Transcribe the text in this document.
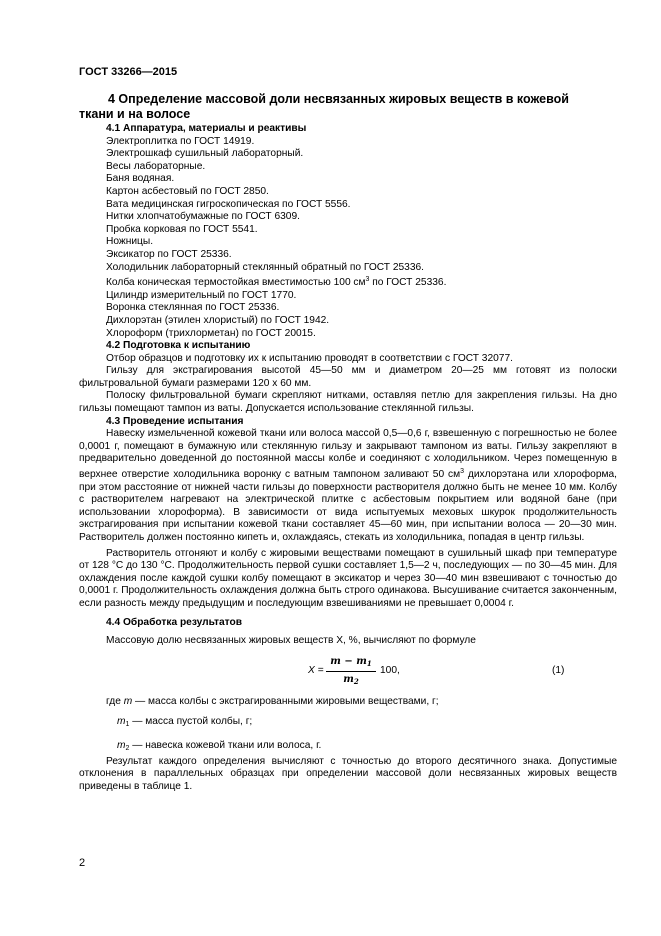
ГОСТ 33266—2015
4 Определение массовой доли несвязанных жировых веществ в кожевой
ткани и на волосе

4.1 Аппаратура, материалы и реактивы

Электроплитка по ГОСТ 14919.

Электрошкаф сушильный лабораторный.

Весы лабораторные.

Баня водяная.

Картон асбестовый по ГОСТ 2850.

Вата медицинская гигроскопическая по ГОСТ 5556.

Нитки хлопчатобумажные по ГОСТ 6309.

Пробка корковая по ГОСТ 5541.

Ножницы.

Эксикатор по ГОСТ 25336.

Холодильник лабораторный стеклянный обратный по ГОСТ 25336.

Колба коническая термостойкая вместимостью 100 $см^3$ по ГОСТ 25336.

Цилиндр измерительный по ГОСТ 1770.

Воронка стеклянная по ГОСТ 25336.

Дихлорэтан (этилен хлористый) по ГОСТ 1942.

Хлороформ (трихлорметан) по ГОСТ 20015.

4.2 Подготовка к испытанию

Отбор образцов и подготовку их к испытанию проводят в соответствии с ГОСТ 32077.

Гильзу для экстрагирования высотой 45—50 мм и диаметром 20—25 мм готовят из полоски фильтровальной бумаги размерами 120 х 60 мм.

Полоску фильтровальной бумаги скрепляют нитками, оставляя петлю для закрепления гильзы. На дно гильзы помещают тампон из ваты. Допускается использование стеклянной гильзы.

4.3 Проведение испытания

Навеску измельченной кожевой ткани или волоса массой 0,5—0,6 г, взвешенную с погрешностью не более 0,0001 г, помещают в бумажную или стеклянную гильзу и закрывают тампоном из ваты. Гильзу закрепляют в предварительно доведенной до постоянной массы колбе и соединяют с холодильником. Через помещенную в верхнее отверстие холодильника воронку с ватным тампоном заливают 50 $см^3$ дихлорэтана или хлороформа, при этом расстояние от нижней части гильзы до поверхности растворителя должно быть не менее 10 мм. Колбу с растворителем нагревают на электрической плитке с асбестовым покрытием или водяной бане (при использовании хлороформа). В зависимости от вида испытуемых меховых шкурок продолжительность экстрагирования при испытании кожевой ткани составляет 45—60 мин, при испытании волоса — 20—30 мин. Растворитель должен постоянно кипеть и, охлаждаясь, стекать из холодильника, попадая в центр гильзы.

Растворитель отгоняют и колбу с жировыми веществами помещают в сушильный шкаф при температуре от 128 °С до 130 °С. Продолжительность первой сушки составляет 1,5—2 ч, последующих — по 30—45 мин. Для охлаждения после каждой сушки колбу помещают в эксикатор и через 30—40 мин взвешивают с точностью до 0,0001 г. Продолжительность охлаждения должна быть строго одинакова. Высушивание считается законченным, если разность между предыдущим и последующим взвешиваниями не превышает 0,0004 г.

4.4 Обработка результатов

Массовую долю несвязанных жировых веществ X, %, вычисляют по формуле

$X = \frac{m - m_1}{m_2} 100$,	(1)

где m — масса колбы с экстрагированными жировыми веществами, г;

$m_1$ — масса пустой колбы, г;

$m_2$ — навеска кожевой ткани или волоса, г.

Результат каждого определения вычисляют с точностью до второго десятичного знака. Допустимые отклонения в параллельных образцах при определении массовой доли несвязанных жировых веществ приведены в таблице 1.

2
